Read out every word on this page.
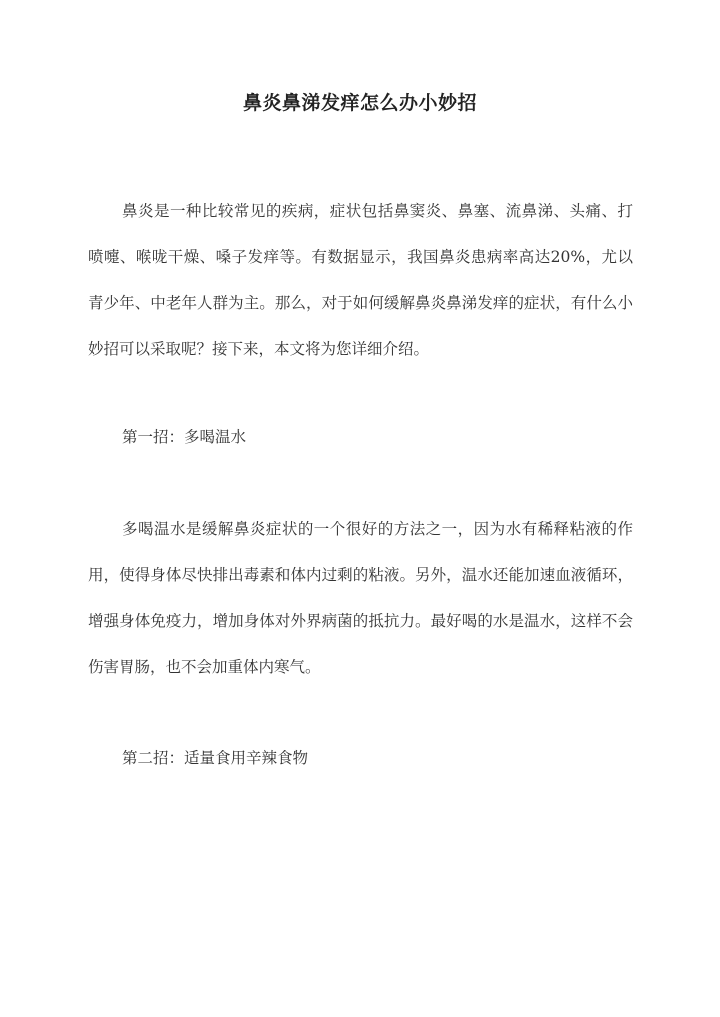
鼻炎鼻涕发痒怎么办小妙招

鼻炎是一种比较常见的疾病，症状包括鼻窦炎、鼻塞、流鼻涕、头痛、打喷嚏、喉咙干燥、嗓子发痒等。有数据显示，我国鼻炎患病率高达20%，尤以青少年、中老年人群为主。那么，对于如何缓解鼻炎鼻涕发痒的症状，有什么小妙招可以采取呢？接下来，本文将为您详细介绍。

第一招：多喝温水

多喝温水是缓解鼻炎症状的一个很好的方法之一，因为水有稀释粘液的作用，使得身体尽快排出毒素和体内过剩的粘液。另外，温水还能加速血液循环，增强身体免疫力，增加身体对外界病菌的抵抗力。最好喝的水是温水，这样不会伤害胃肠，也不会加重体内寒气。

第二招：适量食用辛辣食物
